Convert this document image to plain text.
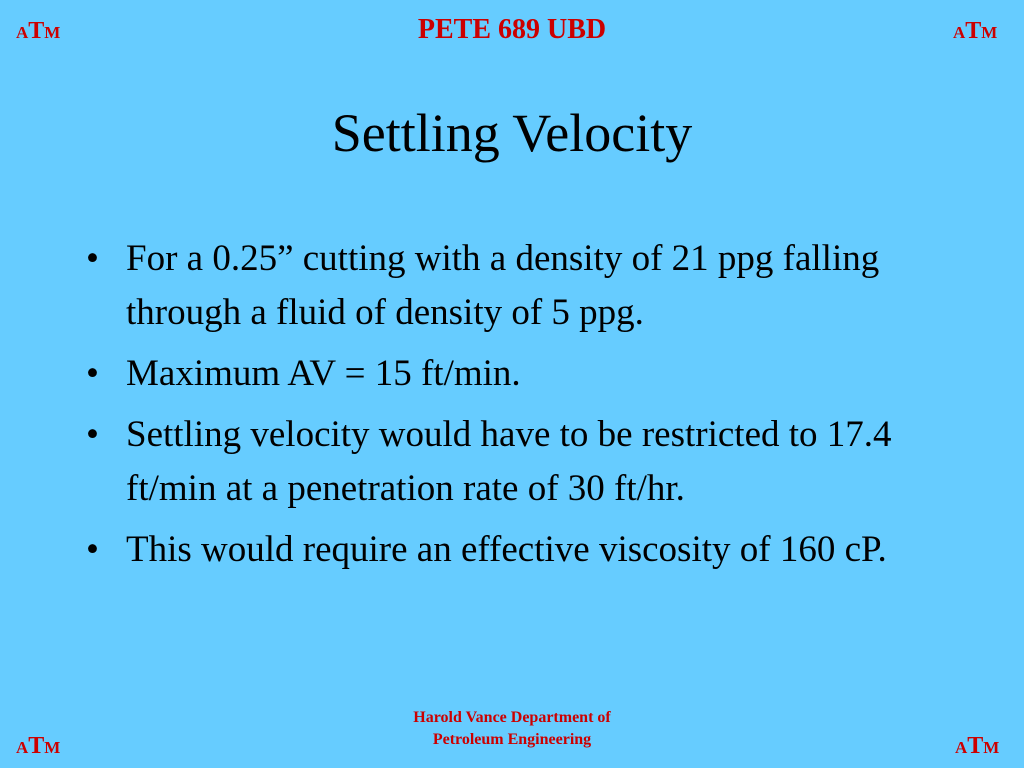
ATM	PETE 689 UBD	ATM
Settling Velocity
• For a 0.25” cutting with a density of 21 ppg falling through a fluid of density of 5 ppg.
• Maximum AV = 15 ft/min.
• Settling velocity would have to be restricted to 17.4 ft/min at a penetration rate of 30 ft/hr.
• This would require an effective viscosity of 160 cP.
ATM
Harold Vance Department of
Petroleum Engineering	ATM
